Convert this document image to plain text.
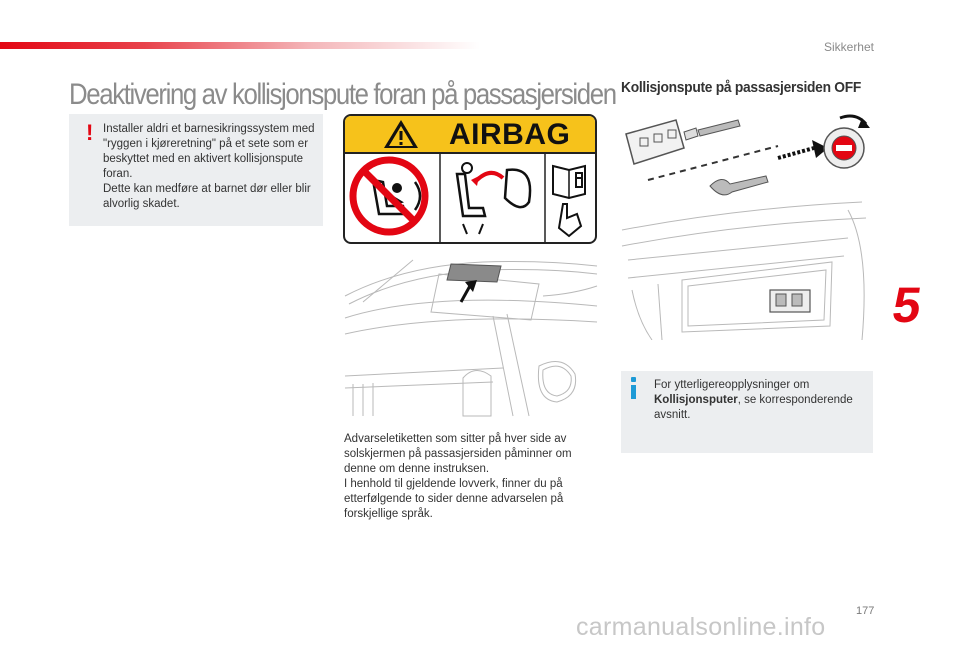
Sikkerhet
Deaktivering av kollisjonspute foran på passasjersiden Kollisjonspute på passasjersiden OFF
! Installer aldri et barnesikringssystem med "ryggen i kjøreretning" på et sete som er beskyttet med en aktivert kollisjonspute foran.

Dette kan medføre at barnet dør eller blir alvorlig skadet.

AIRBAG

Advarseletiketten som sitter på hver side av solskjermen på passasjersiden påminner om denne om denne instruksen.

I henhold til gjeldende lovverk, finner du på etterfølgende to sider denne advarselen på forskjellige språk.

For ytterligereopplysninger om Kollisjonsputer, se korresponderende avsnitt.
5
177
carmanualsonline.info
